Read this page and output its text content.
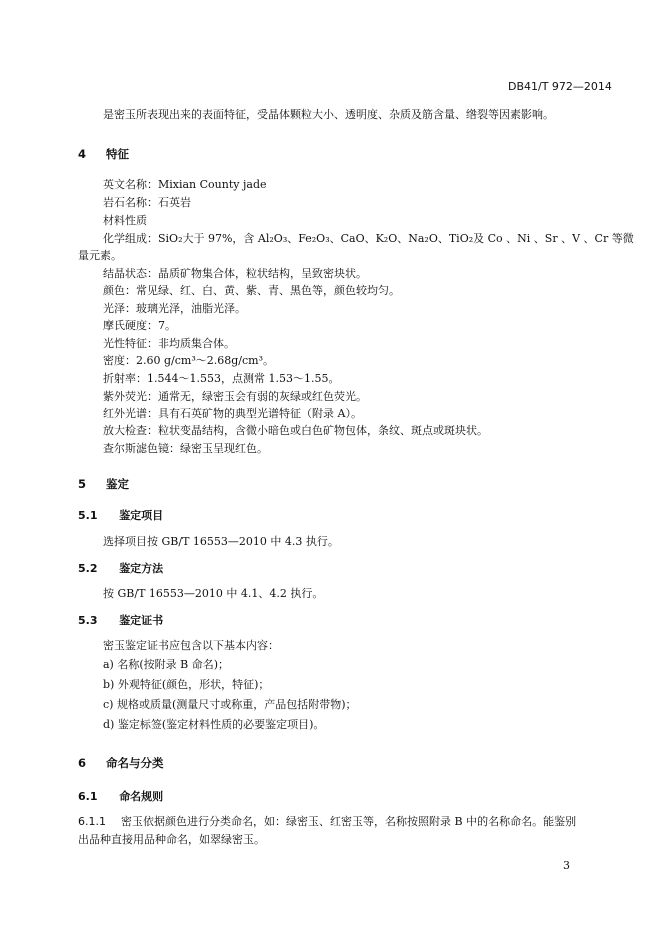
DB41/T 972—2014
是密玉所表现出来的表面特征，受晶体颗粒大小、透明度、杂质及筋含量、绺裂等因素影响。
4 特征
英文名称：Mixian County jade
岩石名称：石英岩
材料性质
化学组成：SiO₂大于 97%，含 Al₂O₃、Fe₂O₃、CaO、K₂O、Na₂O、TiO₂及 Co 、Ni 、Sr 、V 、Cr 等微
量元素。
结晶状态：晶质矿物集合体，粒状结构，呈致密块状。
颜色：常见绿、红、白、黄、紫、青、黑色等，颜色较均匀。
光泽：玻璃光泽，油脂光泽。
摩氏硬度：7。
光性特征：非均质集合体。
密度：2.60 g/cm³～2.68g/cm³。
折射率：1.544～1.553，点测常 1.53～1.55。
紫外荧光：通常无，绿密玉会有弱的灰绿或红色荧光。
红外光谱：具有石英矿物的典型光谱特征（附录 A）。
放大检查：粒状变晶结构，含微小暗色或白色矿物包体，条纹、斑点或斑块状。
查尔斯滤色镜：绿密玉呈现红色。
5 鉴定
5.1 鉴定项目
选择项目按 GB/T 16553—2010 中 4.3 执行。
5.2 鉴定方法
按 GB/T 16553—2010 中 4.1、4.2 执行。
5.3 鉴定证书
密玉鉴定证书应包含以下基本内容：
a) 名称(按附录 B 命名)；
b) 外观特征(颜色，形状，特征)；
c) 规格或质量(测量尺寸或称重，产品包括附带物)；
d) 鉴定标签(鉴定材料性质的必要鉴定项目)。
6 命名与分类
6.1 命名规则
6.1.1 密玉依据颜色进行分类命名，如：绿密玉、红密玉等，名称按照附录 B 中的名称命名。能鉴别
出品种直接用品种命名，如翠绿密玉。
3
